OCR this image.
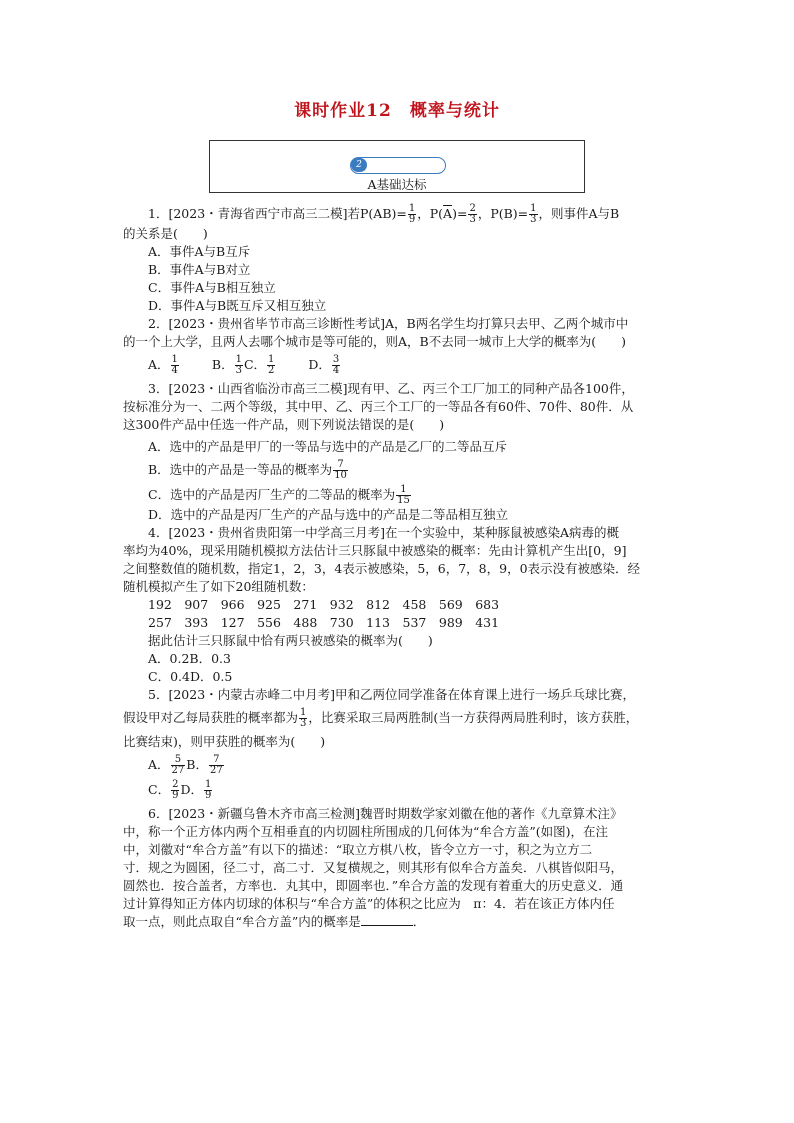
课时作业12　概率与统计
2
A基础达标

1．[2023・青海省西宁市高三二模]若$P(AB)= \frac{1}{9}$ ，$P(\overline{A})= \frac{2}{3}$ ，$P(B)= \frac{1}{3}$ ，则事件A与B

的关系是(　　)

A．事件A与B互斥

B．事件A与B对立

C．事件A与B相互独立

D．事件A与B既互斥又相互独立

2．[2023・贵州省毕节市高三诊断性考试]A，B两名学生均打算只去甲、乙两个城市中

的一个上大学，且两人去哪个城市是等可能的，则A，B不去同一城市上大学的概率为(　　)

A． $\frac{1}{4}$	B． $\frac{1}{3}$ C． $\frac{1}{2}$	D． $\frac{3}{4}$

3．[2023・山西省临汾市高三二模]现有甲、乙、丙三个工厂加工的同种产品各100件，

按标准分为一、二两个等级，其中甲、乙、丙三个工厂的一等品各有60件、70件、80件．从

这300件产品中任选一件产品，则下列说法错误的是(　　)

A．选中的产品是甲厂的一等品与选中的产品是乙厂的二等品互斥

B．选中的产品是一等品的概率为 $\frac{7}{10}$

C．选中的产品是丙厂生产的二等品的概率为 $\frac{1}{15}$

D．选中的产品是丙厂生产的产品与选中的产品是二等品相互独立

4．[2023・贵州省贵阳第一中学高三月考]在一个实验中，某种豚鼠被感染A病毒的概

率均为40%，现采用随机模拟方法估计三只豚鼠中被感染的概率：先由计算机产生出[0，9]

之间整数值的随机数，指定1，2，3，4表示被感染，5，6，7，8，9，0表示没有被感染．经

随机模拟产生了如下20组随机数：

192　907　966　925　271　932　812　458　569　683

257　393　127　556　488　730　113　537　989　431

据此估计三只豚鼠中恰有两只被感染的概率为(　　)

A．0.2B．0.3

C．0.4D．0.5

5．[2023・内蒙古赤峰二中月考]甲和乙两位同学准备在体育课上进行一场乒乓球比赛，

假设甲对乙每局获胜的概率都为 $\frac{1}{3}$ ，比赛采取三局两胜制(当一方获得两局胜利时，该方获胜，

比赛结束)，则甲获胜的概率为(　　)

A． $\frac{5}{27}$ B． $\frac{7}{27}$

C． $\frac{2}{9}$ D． $\frac{1}{9}$

6．[2023・新疆乌鲁木齐市高三检测]魏晋时期数学家刘徽在他的著作《九章算术注》

中，称一个正方体内两个互相垂直的内切圆柱所围成的几何体为“牟合方盖”(如图)，在注

中，刘徽对“牟合方盖”有以下的描述：“取立方棋八枚，皆令立方一寸，积之为立方二

寸．规之为圆囷，径二寸，高二寸．又复横规之，则其形有似牟合方盖矣．八棋皆似阳马，

圆然也．按合盖者，方率也．丸其中，即圆率也．”牟合方盖的发现有着重大的历史意义．通

过计算得知正方体内切球的体积与“牟合方盖”的体积之比应为　π：4．若在该正方体内任

取一点，则此点取自“牟合方盖”内的概率是	．
